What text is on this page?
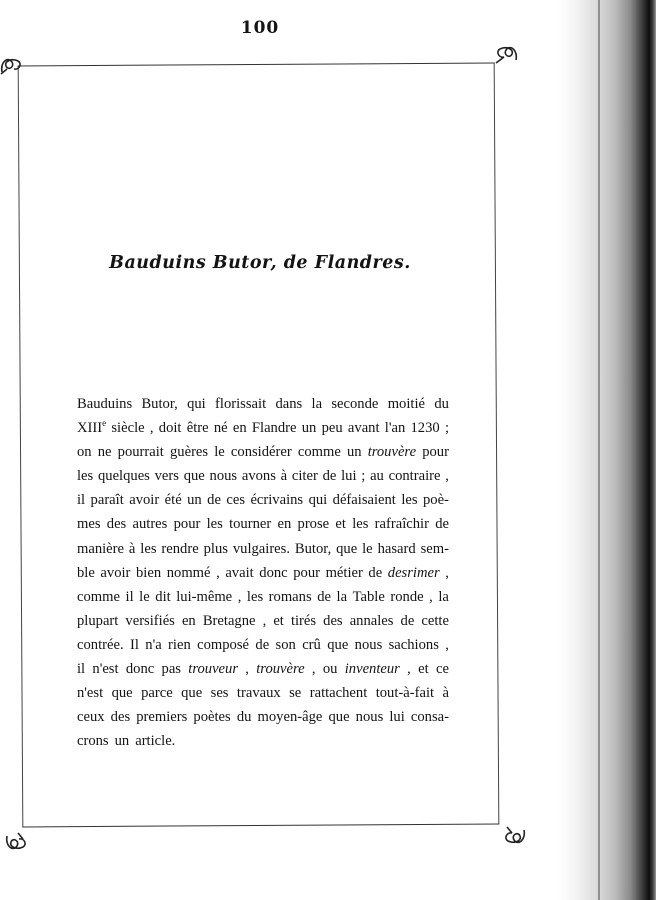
100
Bauduins Butor, de Flandres.
Bauduins Butor, qui florissait dans la seconde moitié du
XIIIe siècle , doit être né en Flandre un peu avant l'an 1230 ;
on ne pourrait guères le considérer comme un trouvère pour
les quelques vers que nous avons à citer de lui ; au contraire ,
il paraît avoir été un de ces écrivains qui défaisaient les poè-
mes des autres pour les tourner en prose et les rafraîchir de
manière à les rendre plus vulgaires. Butor, que le hasard sem-
ble avoir bien nommé , avait donc pour métier de desrimer ,
comme il le dit lui-même , les romans de la Table ronde , la
plupart versifiés en Bretagne , et tirés des annales de cette
contrée. Il n'a rien composé de son crû que nous sachions ,
il n'est donc pas trouveur , trouvère , ou inventeur , et ce
n'est que parce que ses travaux se rattachent tout-à-fait à
ceux des premiers poètes du moyen-âge que nous lui consa-
crons un article.
